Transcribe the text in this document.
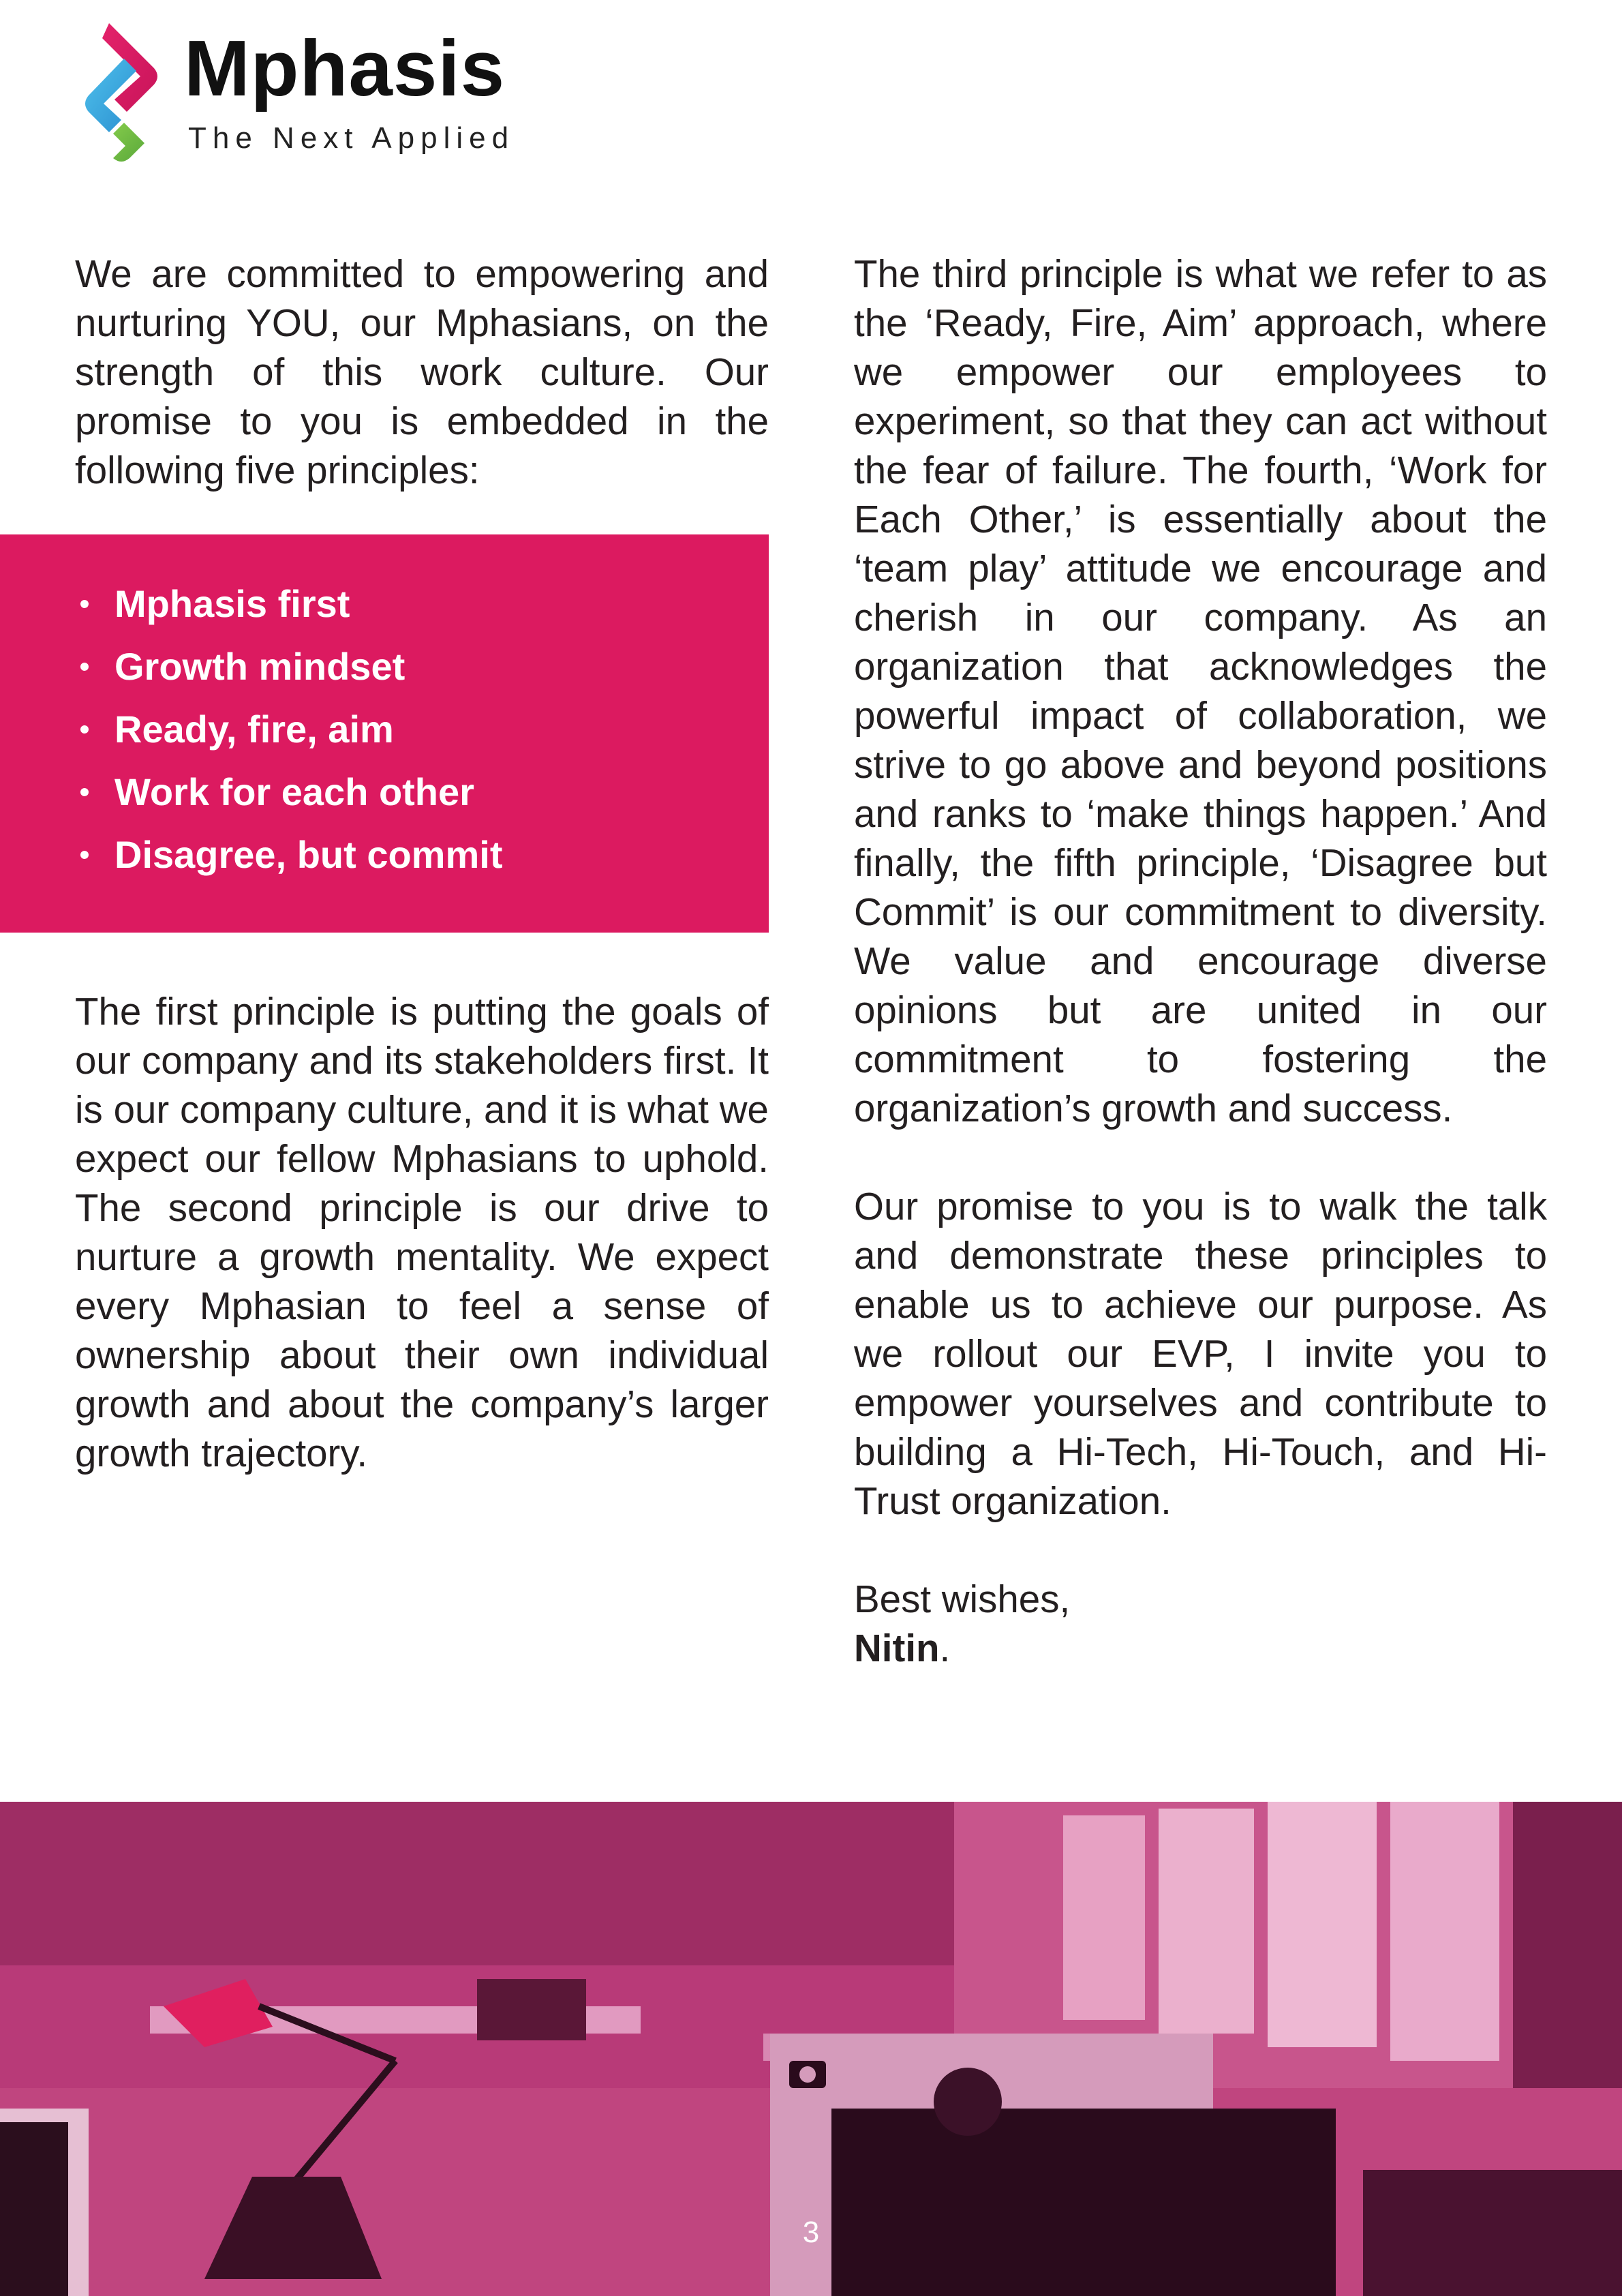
Mphasis
The Next Applied

We are committed to empowering and nurturing YOU, our Mphasians, on the strength of this work culture. Our promise to you is embedded in the following five principles:

Mphasis first
Growth mindset
Ready, fire, aim
Work for each other
Disagree, but commit

The first principle is putting the goals of our company and its stakeholders first. It is our company culture, and it is what we expect our fellow Mphasians to uphold. The second principle is our drive to nurture a growth mentality. We expect every Mphasian to feel a sense of ownership about their own individual growth and about the company’s larger growth trajectory.

The third principle is what we refer to as the ‘Ready, Fire, Aim’ approach, where we empower our employees to experiment, so that they can act without the fear of failure. The fourth, ‘Work for Each Other,’ is essentially about the ‘team play’ attitude we encourage and cherish in our company. As an organization that acknowledges the powerful impact of collaboration, we strive to go above and beyond positions and ranks to ‘make things happen.’ And finally, the fifth principle, ‘Disagree but Commit’ is our commitment to diversity. We value and encourage diverse opinions but are united in our commitment to fostering the organization’s growth and success.

Our promise to you is to walk the talk and demonstrate these principles to enable us to achieve our purpose. As we rollout our EVP, I invite you to empower yourselves and contribute to building a Hi-Tech, Hi-Touch, and Hi-Trust organization.

Best wishes,

Nitin.

3
